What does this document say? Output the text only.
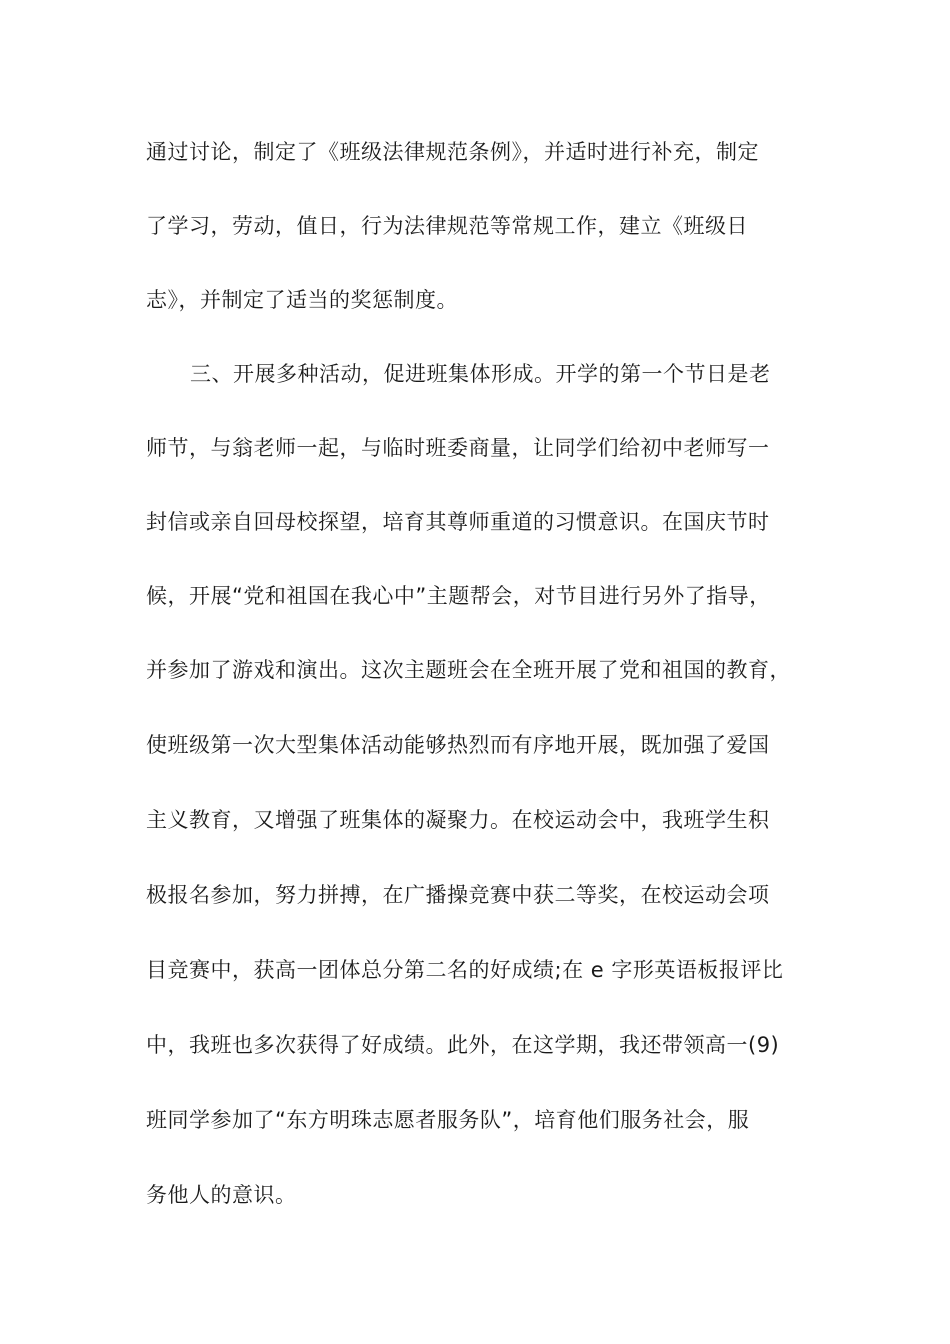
通过讨论，制定了《班级法律规范条例》，并适时进行补充，制定
了学习，劳动，值日，行为法律规范等常规工作，建立《班级日
志》，并制定了适当的奖惩制度。
三、开展多种活动，促进班集体形成。开学的第一个节日是老
师节，与翁老师一起，与临时班委商量，让同学们给初中老师写一
封信或亲自回母校探望，培育其尊师重道的习惯意识。在国庆节时
候，开展“党和祖国在我心中”主题帮会，对节目进行另外了指导，
并参加了游戏和演出。这次主题班会在全班开展了党和祖国的教育，
使班级第一次大型集体活动能够热烈而有序地开展，既加强了爱国
主义教育，又增强了班集体的凝聚力。在校运动会中，我班学生积
极报名参加，努力拼搏，在广播操竞赛中获二等奖，在校运动会项
目竞赛中，获高一团体总分第二名的好成绩;在 e 字形英语板报评比
中，我班也多次获得了好成绩。此外，在这学期，我还带领高一(9)
班同学参加了“东方明珠志愿者服务队”，培育他们服务社会，服
务他人的意识。
